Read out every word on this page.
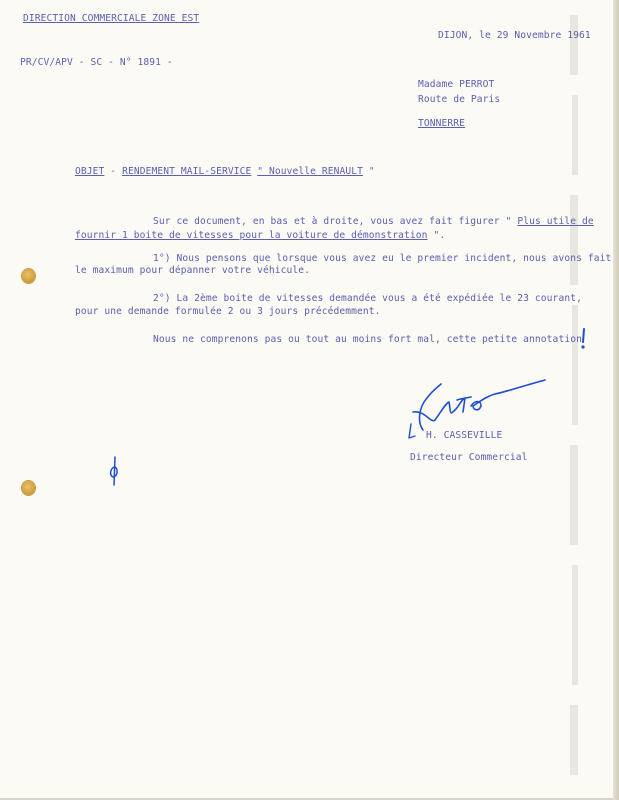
DIRECTION COMMERCIALE ZONE EST
DIJON, le 29 Novembre 1961
PR/CV/APV - SC - N° 1891 -
Madame PERROT
Route de Paris
TONNERRE
OBJET - RENDEMENT MAIL-SERVICE " Nouvelle RENAULT "
Sur ce document, en bas et à droite, vous avez fait figurer " Plus utile de
fournir 1 boite de vitesses pour la voiture de démonstration ".
1°) Nous pensons que lorsque vous avez eu le premier incident, nous avons fait
le maximum pour dépanner votre véhicule.
2°) La 2ème boite de vitesses demandée vous a été expédiée le 23 courant,
pour une demande formulée 2 ou 3 jours précédemment.
Nous ne comprenons pas ou tout au moins fort mal, cette petite annotation
H. CASSEVILLE
Directeur Commercial
